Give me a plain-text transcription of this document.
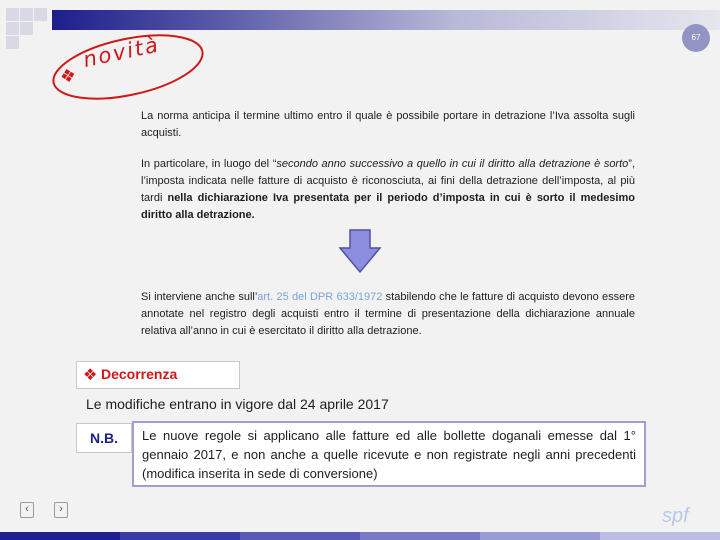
67
❖
novità
La norma anticipa il termine ultimo entro il quale è possibile portare in detrazione l’Iva assolta sugli acquisti.
In particolare, in luogo del “secondo anno successivo a quello in cui il diritto alla detrazione è sorto”, l’imposta indicata nelle fatture di acquisto è riconosciuta, ai fini della detrazione dell’imposta, al più tardi nella dichiarazione Iva presentata per il periodo d’imposta in cui è sorto il medesimo diritto alla detrazione.
Si interviene anche sull’art. 25 del DPR 633/1972 stabilendo che le fatture di acquisto devono essere annotate nel registro degli acquisti entro il termine di presentazione della dichiarazione annuale relativa all’anno in cui è esercitato il diritto alla detrazione.
❖ Decorrenza
Le modifiche entrano in vigore dal 24 aprile 2017
N.B.	Le nuove regole si applicano alle fatture ed alle bollette doganali emesse dal 1° gennaio 2017, e non anche a quelle ricevute e non registrate negli anni precedenti (modifica inserita in sede di conversione)
‹	›	spf
